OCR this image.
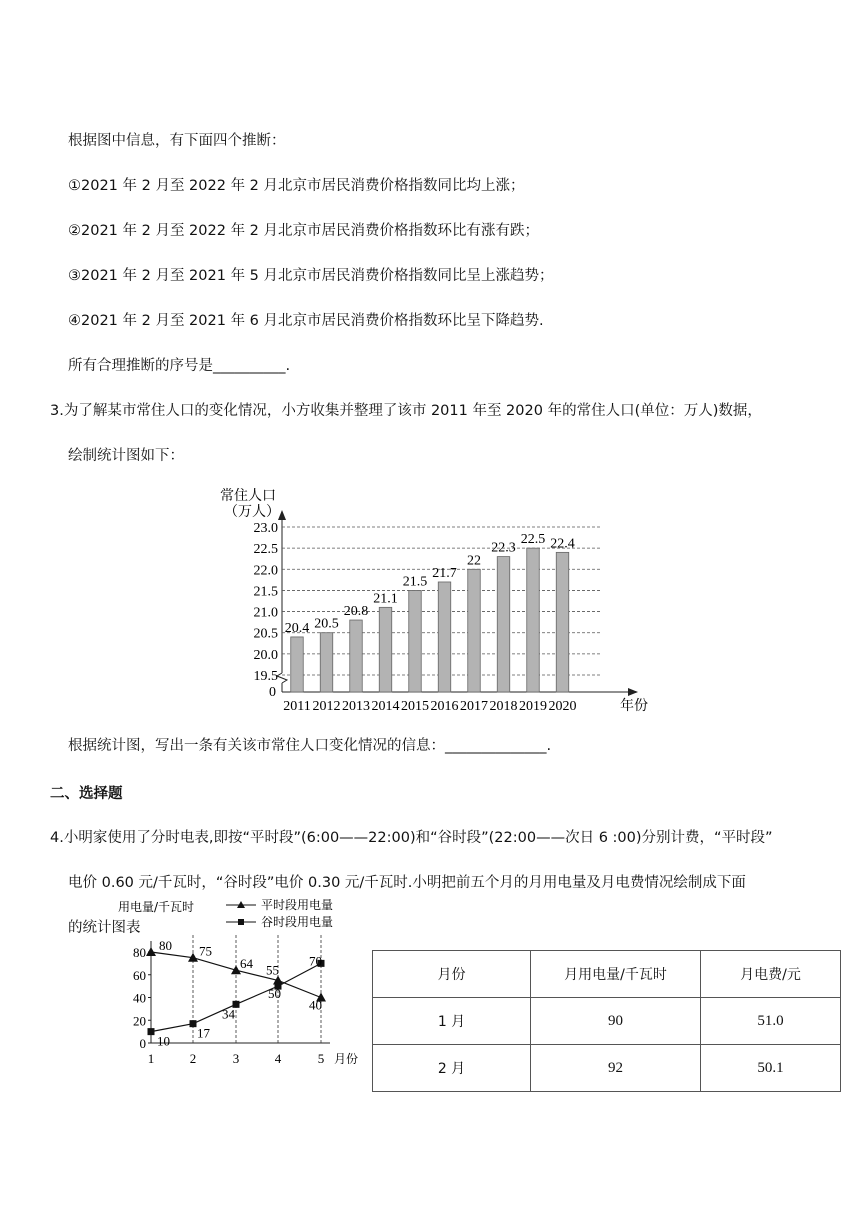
根据图中信息，有下面四个推断：
①2021 年 2 月至 2022 年 2 月北京市居民消费价格指数同比均上涨；
②2021 年 2 月至 2022 年 2 月北京市居民消费价格指数环比有涨有跌；
③2021 年 2 月至 2021 年 5 月北京市居民消费价格指数同比呈上涨趋势；
④2021 年 2 月至 2021 年 6 月北京市居民消费价格指数环比呈下降趋势.
所有合理推断的序号是__________.
3.为了解某市常住人口的变化情况，小方收集并整理了该市 2011 年至 2020 年的常住人口(单位：万人)数据，
绘制统计图如下：
常住人口
（万人）
年份
19.5
20.0
20.5
21.0
21.5
22.0
22.5
23.0
0
20.4
2011
20.5
2012
20.8
2013
21.1
2014
21.5
2015
21.7
2016
22
2017
22.3
2018
22.5
2019
22.4
2020
根据统计图，写出一条有关该市常住人口变化情况的信息：______________.
二、选择题
4.小明家使用了分时电表,即按“平时段”(6:00——22:00)和“谷时段”(22:00——次日 6 :00)分别计费，“平时段”
电价 0.60 元/千瓦时，“谷时段”电价 0.30 元/千瓦时.小明把前五个月的月用电量及月电费情况绘制成下面
的统计图表
用电量/千瓦时	平时段用电量
谷时段用电量
月份
0
20
40
60
80
1	2	3	4	5
80 75
64 55
40
10
17
34
50
70
月份	月用电量/千瓦时	月电费/元
1 月	90	51.0
2 月	92	50.1
